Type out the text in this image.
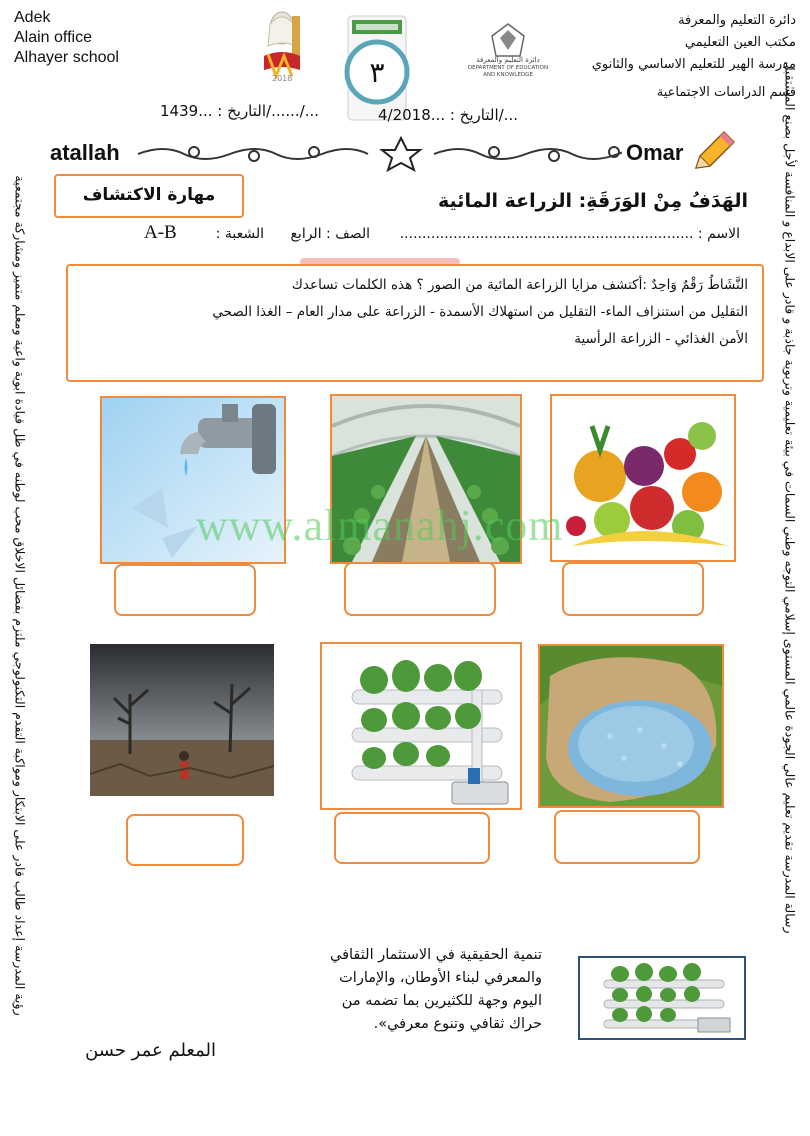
رؤية المدرسة إعداد طالب قادر على الابتكار ومواكبة التقدم التكنولوجي ملتزم بفضائل الاخلاق محب لوطنه في ظل قيادة ابوية واعية ومعلم متميز ومشاركة مجتمعية	رسالة المدرسة تقديم تعليم عالي الجودة عالمي المستوى إسلامي التوجه وطني السمات في بيئة تعليمية وتربوية جاذبة و قادر على الابداع و المنافسة لأجل بصنع المستقبل
Adek
Alain office
Alhayer school
دائرة التعليم والمعرفة
مكتب العين التعليمي
مدرسة الهير للتعليم الاساسي والثانوي
قسم الدراسات الاجتماعية
2018	٣	دائرة التعليم والمعرفة
DEPARTMENT OF EDUCATION
AND KNOWLEDGE
التاريخ : ...1439/....../...	التاريخ : ...4/2018/...
atallah	Omar
مهارة الاكتشاف	الهَدَفُ مِنْ الوَرَقَةِ: الزراعة المائية
الاسم : ..................................................................
الصف : الرابع
الشعبة :
A-B
النَّشَاطُ رَقْمٌ وَاحِدٌ :أكتشف مزايا الزراعة المائية من الصور ؟ هذه الكلمات تساعدك
التقليل من استنزاف الماء- التقليل من استهلاك الأسمدة - الزراعة على مدار العام – الغذا الصحي
الأمن الغذائي - الزراعة الرأسية
www.almanahj.com
تنمية الحقيقية في الاستثمار الثقافي
والمعرفي لبناء الأوطان، والإمارات
اليوم وجهة للكثيرين بما تضمه من
حراك ثقافي وتنوع معرفي».
المعلم عمر حسن
